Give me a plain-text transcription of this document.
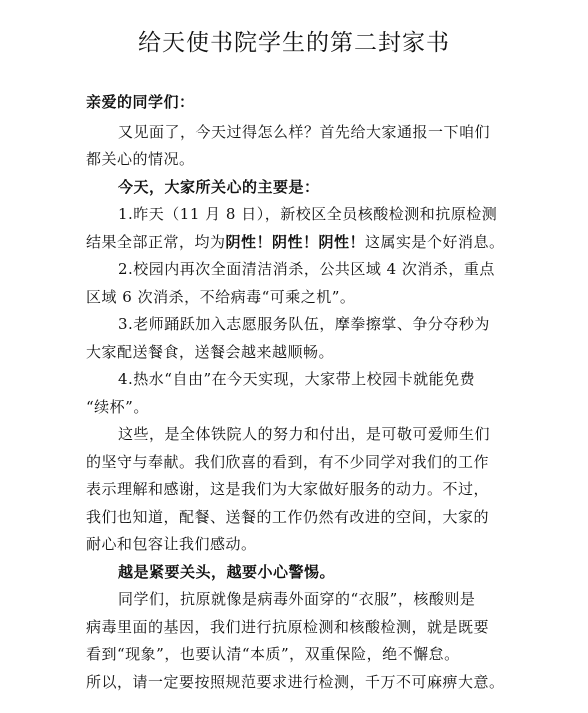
给天使书院学生的第二封家书

亲爱的同学们：

又见面了，今天过得怎么样？首先给大家通报一下咱们

都关心的情况。

今天，大家所关心的主要是：

1.昨天（11 月 8 日），新校区全员核酸检测和抗原检测

结果全部正常，均为阴性！阴性！阴性！这属实是个好消息。

2.校园内再次全面清洁消杀，公共区域 4 次消杀，重点

区域 6 次消杀，不给病毒“可乘之机”。

3.老师踊跃加入志愿服务队伍，摩拳擦掌、争分夺秒为

大家配送餐食，送餐会越来越顺畅。

4.热水“自由”在今天实现，大家带上校园卡就能免费

“续杯”。

这些，是全体铁院人的努力和付出，是可敬可爱师生们

的坚守与奉献。我们欣喜的看到，有不少同学对我们的工作

表示理解和感谢，这是我们为大家做好服务的动力。不过，

我们也知道，配餐、送餐的工作仍然有改进的空间，大家的

耐心和包容让我们感动。

越是紧要关头，越要小心警惕。

同学们，抗原就像是病毒外面穿的“衣服”，核酸则是

病毒里面的基因，我们进行抗原检测和核酸检测，就是既要

看到“现象”，也要认清“本质”，双重保险，绝不懈怠。

所以，请一定要按照规范要求进行检测，千万不可麻痹大意。
